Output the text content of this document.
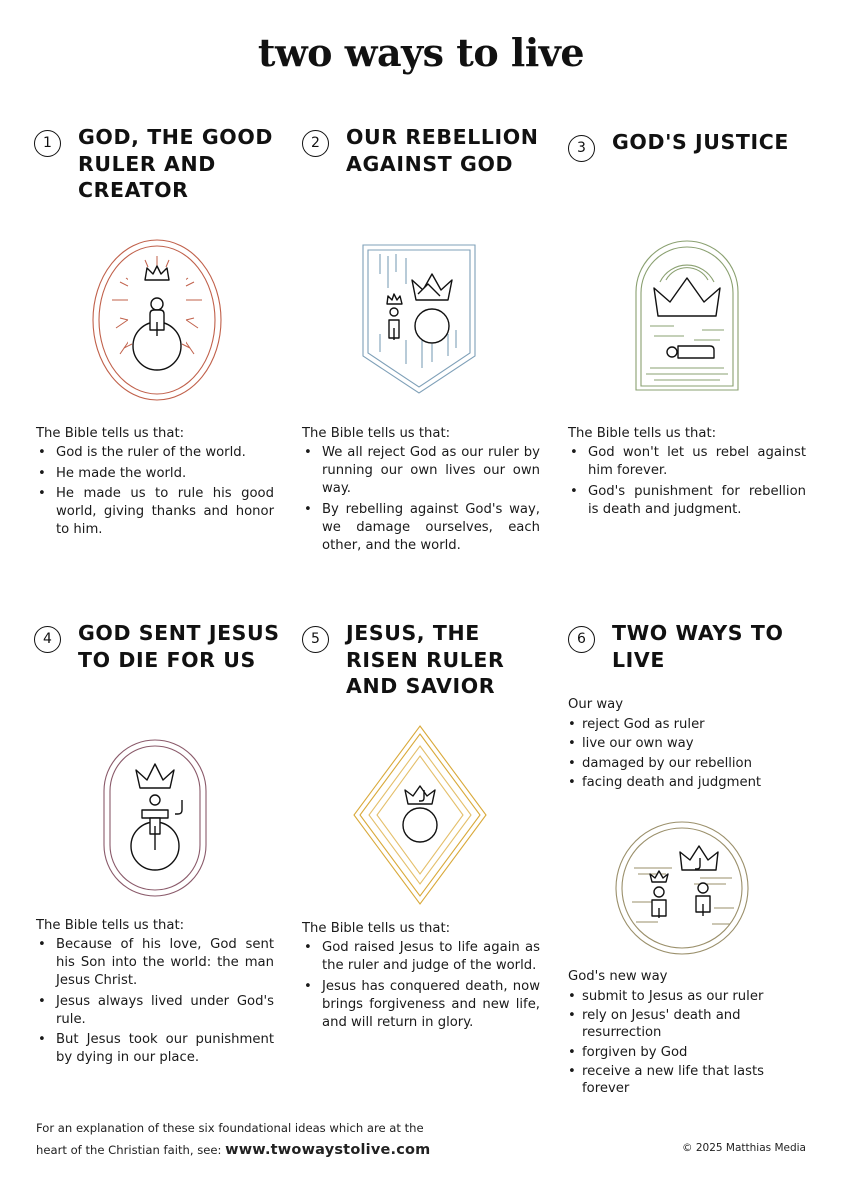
two ways to live
1	GOD, THE GOOD RULER AND CREATOR
The Bible tells us that:
• God is the ruler of the world.
• He made the world.
• He made us to rule his good world, giving thanks and honor to him.
2	OUR REBELLION AGAINST GOD
The Bible tells us that:
• We all reject God as our ruler by running our own lives our own way.
• By rebelling against God's way, we damage ourselves, each other, and the world.
3	GOD'S JUSTICE
The Bible tells us that:
• God won't let us rebel against him forever.
• God's punishment for rebellion is death and judgment.
4	GOD SENT JESUS TO DIE FOR US
The Bible tells us that:
• Because of his love, God sent his Son into the world: the man Jesus Christ.
• Jesus always lived under God's rule.
• But Jesus took our punishment by dying in our place.
5	JESUS, THE RISEN RULER AND SAVIOR
The Bible tells us that:
• God raised Jesus to life again as the ruler and judge of the world.
• Jesus has conquered death, now brings forgiveness and new life, and will return in glory.
6	TWO WAYS TO LIVE
Our way
• reject God as ruler
• live our own way
• damaged by our rebellion
• facing death and judgment
God's new way
• submit to Jesus as our ruler
• rely on Jesus' death and resurrection
• forgiven by God
• receive a new life that lasts forever
For an explanation of these six foundational ideas which are at the
heart of the Christian faith, see: www.twowaystolive.com	© 2025 Matthias Media
